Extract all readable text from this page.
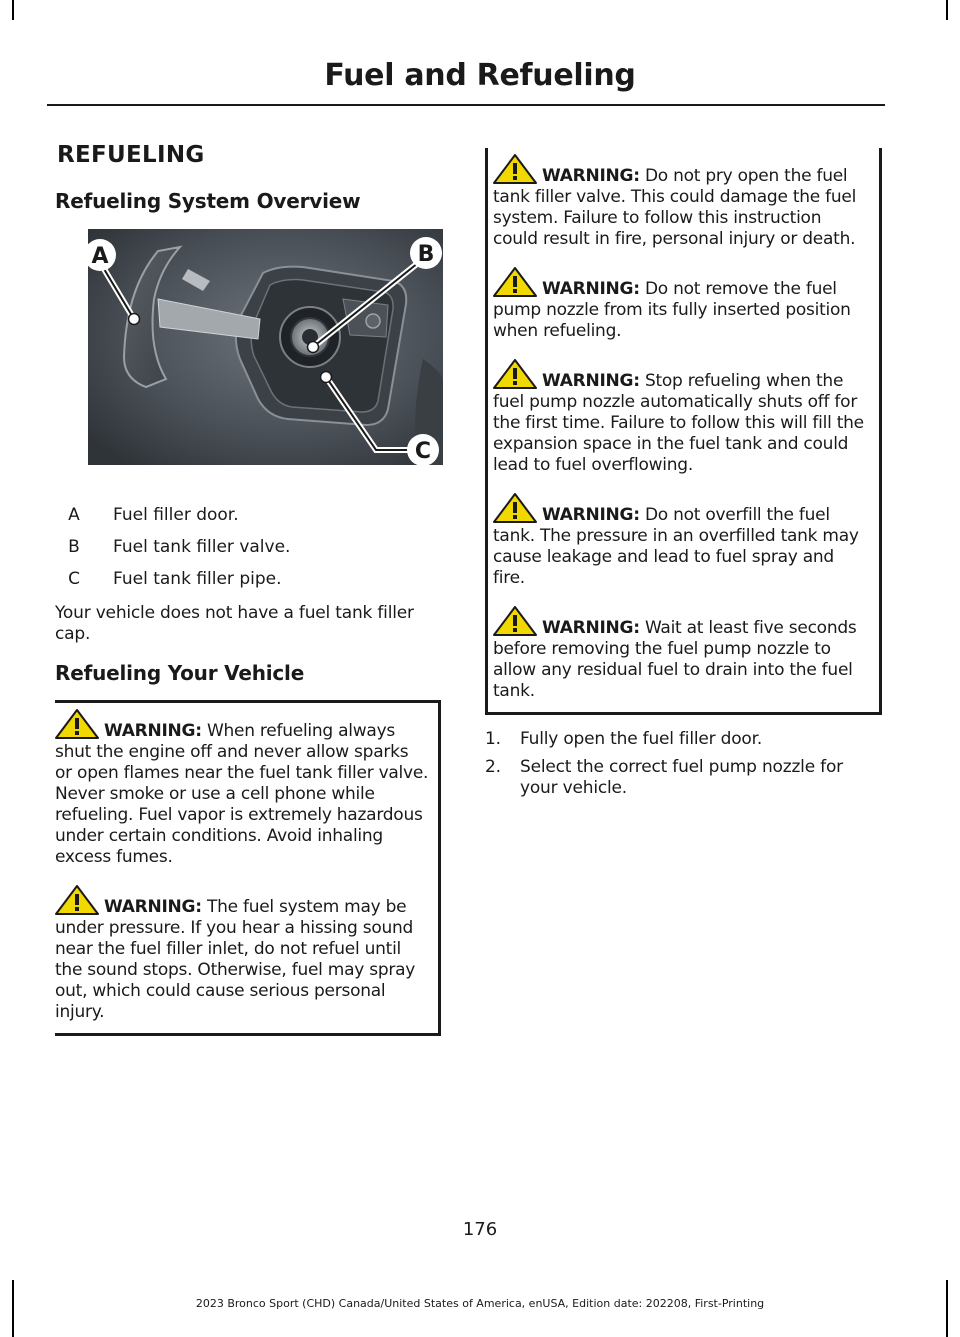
Fuel and Refueling
REFUELING
Refueling System Overview
A	B
C
A	Fuel filler door.
B	Fuel tank filler valve.
C	Fuel tank filler pipe.

Your vehicle does not have a fuel tank filler cap.

Refueling Your Vehicle
WARNING: When refueling always shut the engine off and never allow sparks or open flames near the fuel tank filler valve. Never smoke or use a cell phone while refueling. Fuel vapor is extremely hazardous under certain conditions. Avoid inhaling excess fumes.
WARNING: The fuel system may be under pressure. If you hear a hissing sound near the fuel filler inlet, do not refuel until the sound stops. Otherwise, fuel may spray out, which could cause serious personal injury.
WARNING: Do not pry open the fuel tank filler valve. This could damage the fuel system. Failure to follow this instruction could result in fire, personal injury or death.
WARNING: Do not remove the fuel pump nozzle from its fully inserted position when refueling.
WARNING: Stop refueling when the fuel pump nozzle automatically shuts off for the first time. Failure to follow this will fill the expansion space in the fuel tank and could lead to fuel overflowing.
WARNING: Do not overfill the fuel tank. The pressure in an overfilled tank may cause leakage and lead to fuel spray and fire.
WARNING: Wait at least five seconds before removing the fuel pump nozzle to allow any residual fuel to drain into the fuel tank.
1.	Fully open the fuel filler door.
2.	Select the correct fuel pump nozzle for your vehicle.
176
2023 Bronco Sport (CHD) Canada/United States of America, enUSA, Edition date: 202208, First-Printing
